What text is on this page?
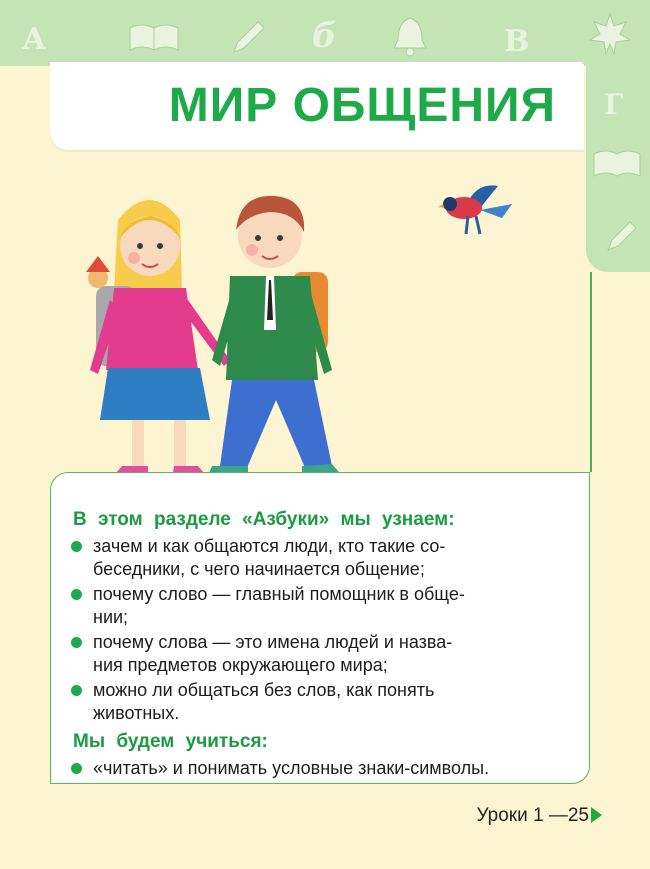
А	б	В
Г
МИР ОБЩЕНИЯ
В этом разделе «Азбуки» мы узнаем:
зачем и как общаются люди, кто такие со-
беседники, с чего начинается общение;
почему слово — главный помощник в обще-
нии;
почему слова — это имена людей и назва-
ния предметов окружающего мира;
можно ли общаться без слов, как понять
животных.
Мы будем учиться:
«читать» и понимать условные знаки-символы.
Уроки 1 —25
